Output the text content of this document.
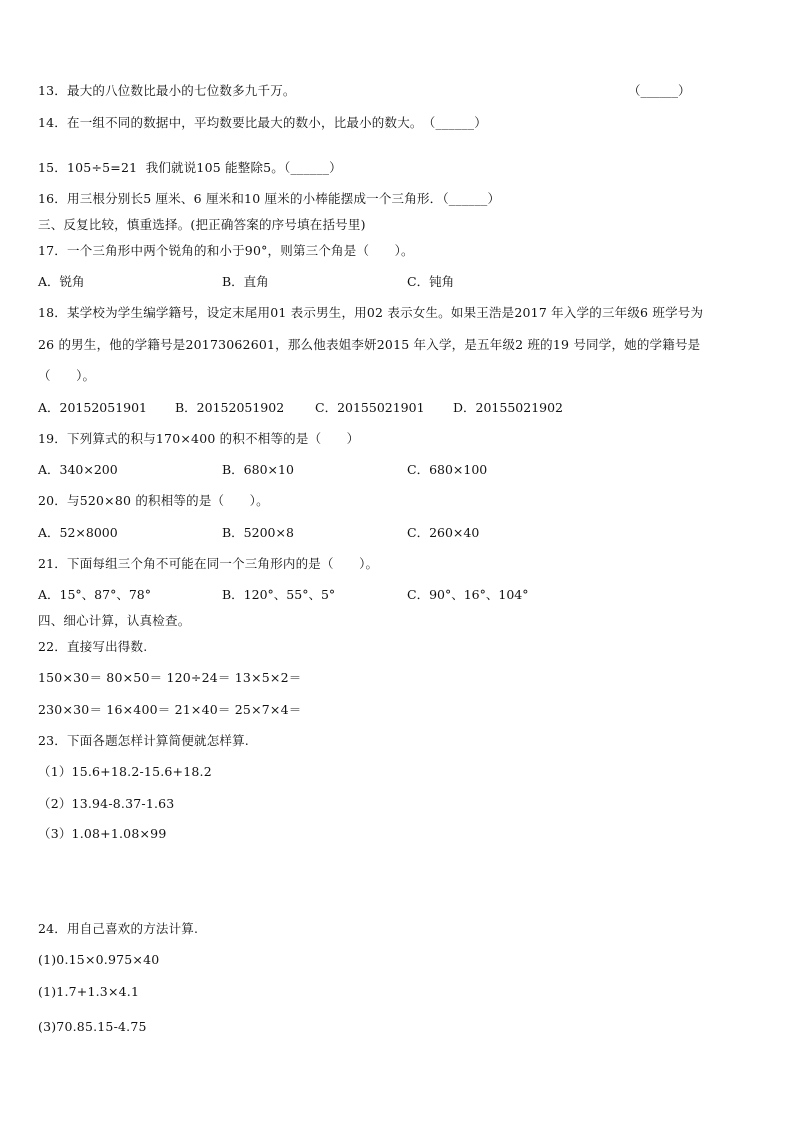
13．最大的八位数比最小的七位数多九千万。	（______）
14．在一组不同的数据中，平均数要比最大的数小，比最小的数大。　（______）
15．105÷5=21  我们就说105 能整除5。（______）
16．用三根分别长5 厘米、6 厘米和10 厘米的小棒能摆成一个三角形．（______）
三、反复比较，慎重选择。(把正确答案的序号填在括号里)
17．一个三角形中两个锐角的和小于90°，则第三个角是（　　）。
A．锐角	B．直角	C．钝角
18．某学校为学生编学籍号，设定末尾用01 表示男生，用02 表示女生。如果王浩是2017 年入学的三年级6 班学号为
26 的男生，他的学籍号是20173062601，那么他表姐李妍2015 年入学，是五年级2 班的19 号同学，她的学籍号是
（　　）。
A．20152051901 B．20152051902 C．20155021901 D．20155021902
19．下列算式的积与170×400 的积不相等的是（　　）
A．340×200	B．680×10	C．680×100
20．与520×80 的积相等的是（　　）。
A．52×8000	B．5200×8	C．260×40
21．下面每组三个角不可能在同一个三角形内的是（　　）。
A．15°、87°、78°	B．120°、55°、5°	C．90°、16°、104°
四、细心计算，认真检查。
22．直接写出得数.
150×30＝ 80×50＝ 120÷24＝ 13×5×2＝
230×30＝ 16×400＝ 21×40＝ 25×7×4＝
23．下面各题怎样计算简便就怎样算.
（1）15.6+18.2-15.6+18.2
（2）13.94-8.37-1.63
（3）1.08+1.08×99
24．用自己喜欢的方法计算.
(1)0.15×0.975×40
(1)1.7+1.3×4.1
(3)70.85.15-4.75
